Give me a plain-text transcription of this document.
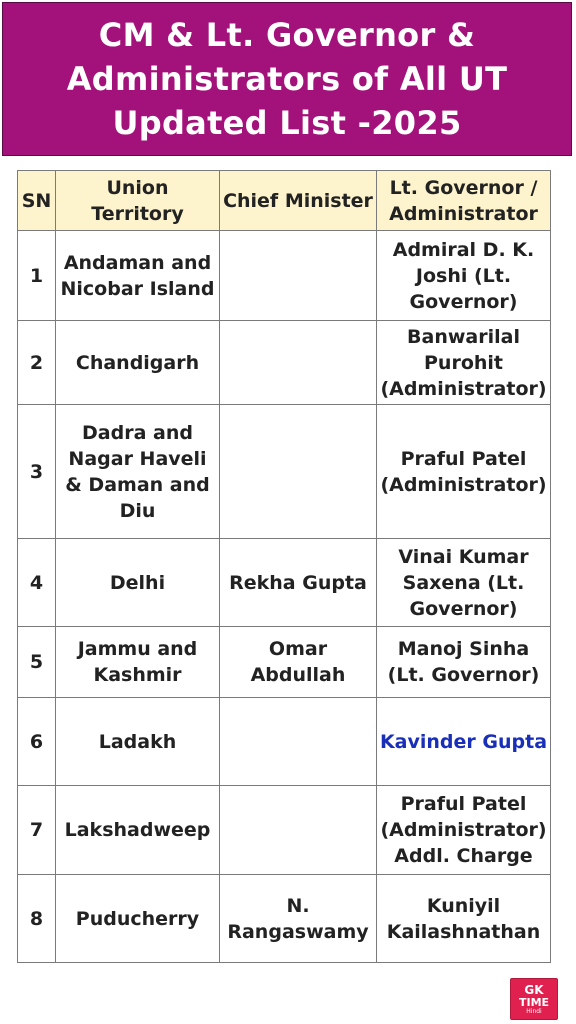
CM & Lt. Governor &
Administrators of All UT
Updated List -2025
SN	Union Territory	Chief Minister	Lt. Governor / Administrator
1	Andaman and Nicobar Island		Admiral D. K. Joshi (Lt. Governor)
2	Chandigarh		Banwarilal Purohit (Administrator)
3	Dadra and Nagar Haveli & Daman and Diu		Praful Patel (Administrator)
4	Delhi	Rekha Gupta	Vinai Kumar Saxena (Lt. Governor)
5	Jammu and Kashmir	Omar Abdullah	Manoj Sinha (Lt. Governor)
6	Ladakh		Kavinder Gupta
7	Lakshadweep		Praful Patel (Administrator) Addl. Charge
8	Puducherry	N. Rangaswamy	Kuniyil Kailashnathan
GK
TIME
Hindi
